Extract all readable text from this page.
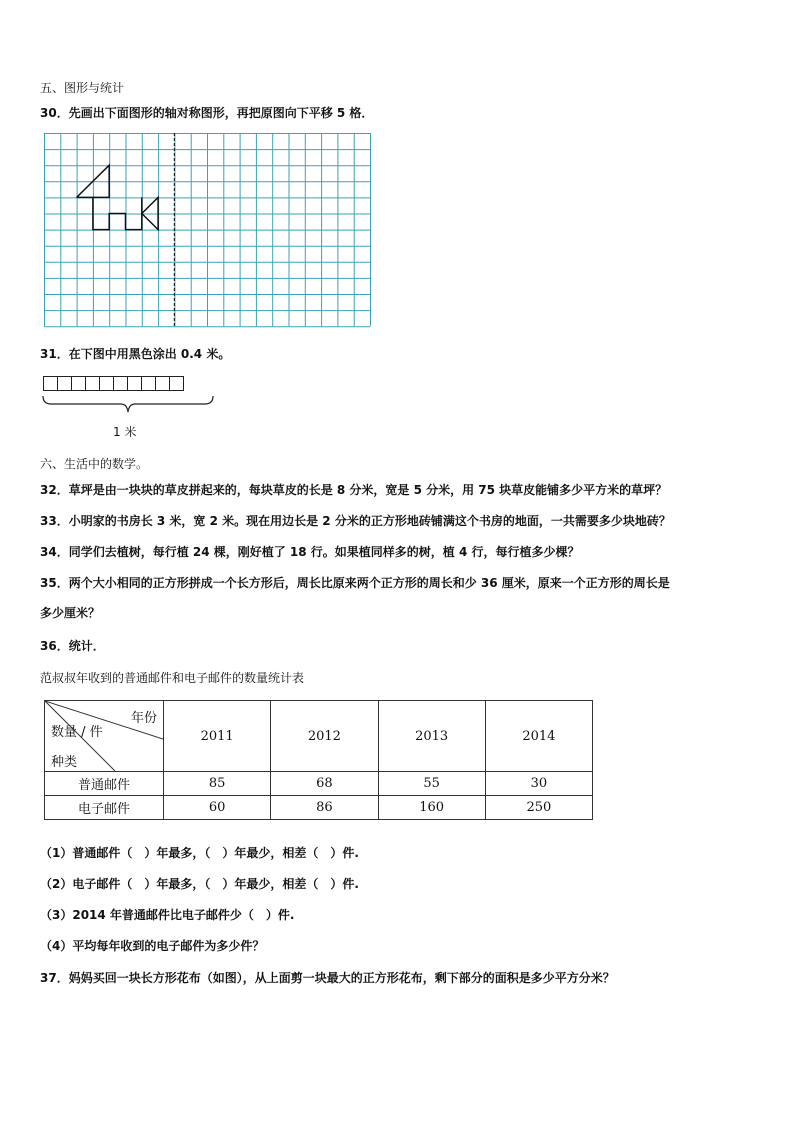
五、图形与统计
30．先画出下面图形的轴对称图形，再把原图向下平移 5 格．
31．在下图中用黑色涂出 0.4 米。
1 米
六、生活中的数学。
32．草坪是由一块块的草皮拼起来的，每块草皮的长是 8 分米，宽是 5 分米，用 75 块草皮能铺多少平方米的草坪？
33．小明家的书房长 3 米，宽 2 米。现在用边长是 2 分米的正方形地砖铺满这个书房的地面，一共需要多少块地砖？
34．同学们去植树，每行植 24 棵，刚好植了 18 行。如果植同样多的树，植 4 行，每行植多少棵？
35．两个大小相同的正方形拼成一个长方形后，周长比原来两个正方形的周长和少 36 厘米，原来一个正方形的周长是
多少厘米？
36．统计．
范叔叔年收到的普通邮件和电子邮件的数量统计表
年份
数量 / 件
种类	2011	2012	2013	2014
普通邮件	85	68	55	30
电子邮件	60	86	160	250
（1）普通邮件（　）年最多，（　）年最少，相差（　）件.
（2）电子邮件（　）年最多，（　）年最少，相差（　）件.
（3）2014 年普通邮件比电子邮件少（　）件.
（4）平均每年收到的电子邮件为多少件？
37．妈妈买回一块长方形花布（如图），从上面剪一块最大的正方形花布，剩下部分的面积是多少平方分米？
